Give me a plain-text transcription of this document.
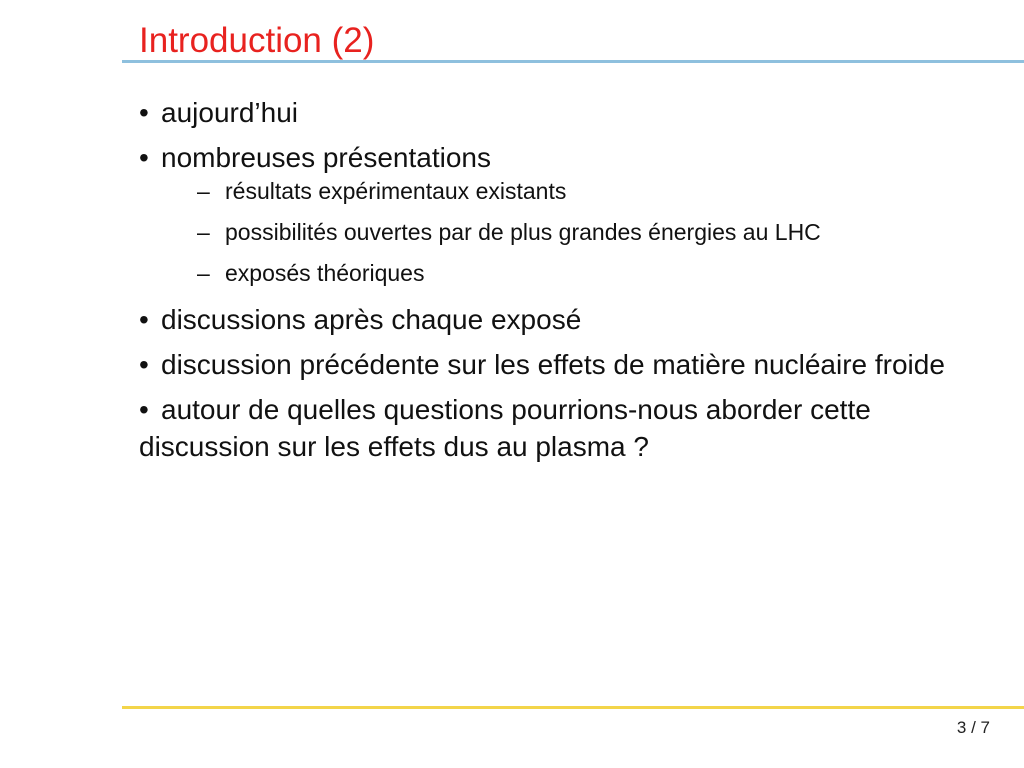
Introduction (2)
• aujourd’hui
• nombreuses présentations
– résultats expérimentaux existants
– possibilités ouvertes par de plus grandes énergies au LHC
– exposés théoriques
• discussions après chaque exposé
• discussion précédente sur les effets de matière nucléaire froide
• autour de quelles questions pourrions-nous aborder cette discussion sur les effets dus au plasma ?
3 / 7
